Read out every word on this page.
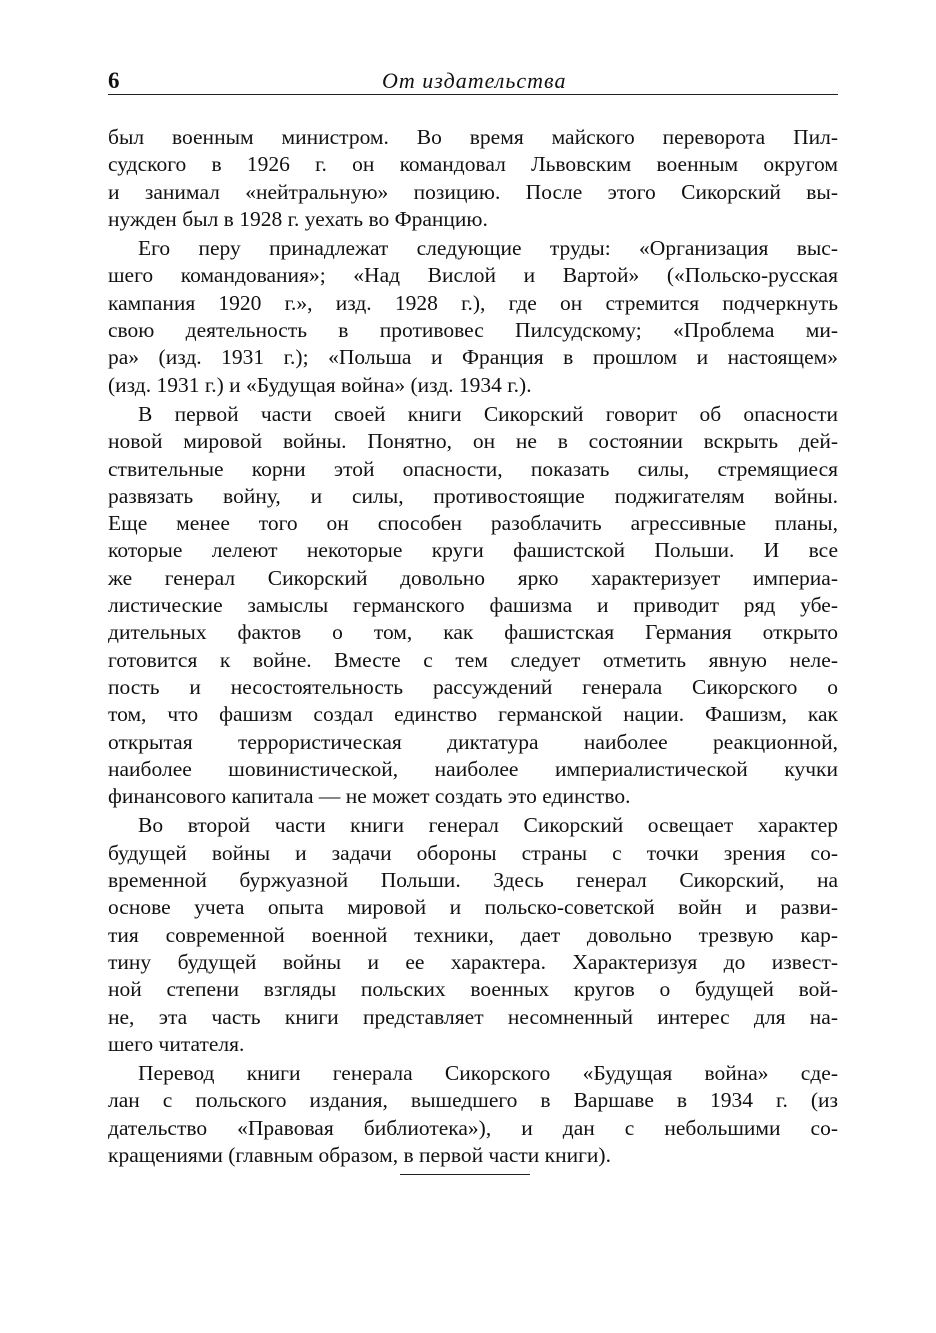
6	От издательства
был военным министром. Во время майского переворота Пил-
судского в 1926 г. он командовал Львовским военным округом
и занимал «нейтральную» позицию. После этого Сикорский вы-
нужден был в 1928 г. уехать во Францию.
Его перу принадлежат следующие труды: «Организация выс-
шего командования»; «Над Вислой и Вартой» («Польско-русская
кампания 1920 г.», изд. 1928 г.), где он стремится подчеркнуть
свою деятельность в противовес Пилсудскому; «Проблема ми-
ра» (изд. 1931 г.); «Польша и Франция в прошлом и настоящем»
(изд. 1931 г.) и «Будущая война» (изд. 1934 г.).
В первой части своей книги Сикорский говорит об опасности
новой мировой войны. Понятно, он не в состоянии вскрыть дей-
ствительные корни этой опасности, показать силы, стремящиеся
развязать войну, и силы, противостоящие поджигателям войны.
Еще менее того он способен разоблачить агрессивные планы,
которые лелеют некоторые круги фашистской Польши. И все
же генерал Сикорский довольно ярко характеризует империа-
листические замыслы германского фашизма и приводит ряд убе-
дительных фактов о том, как фашистская Германия открыто
готовится к войне. Вместе с тем следует отметить явную неле-
пость и несостоятельность рассуждений генерала Сикорского о
том, что фашизм создал единство германской нации. Фашизм, как
открытая террористическая диктатура наиболее реакционной,
наиболее шовинистической, наиболее империалистической кучки
финансового капитала — не может создать это единство.
Во второй части книги генерал Сикорский освещает характер
будущей войны и задачи обороны страны с точки зрения со-
временной буржуазной Польши. Здесь генерал Сикорский, на
основе учета опыта мировой и польско-советской войн и разви-
тия современной военной техники, дает довольно трезвую кар-
тину будущей войны и ее характера. Характеризуя до извест-
ной степени взгляды польских военных кругов о будущей вой-
не, эта часть книги представляет несомненный интерес для на-
шего читателя.
Перевод книги генерала Сикорского «Будущая война» сде-
лан с польского издания, вышедшего в Варшаве в 1934 г. (из
дательство «Правовая библиотека»), и дан с небольшими со-
кращениями (главным образом, в первой части книги).
